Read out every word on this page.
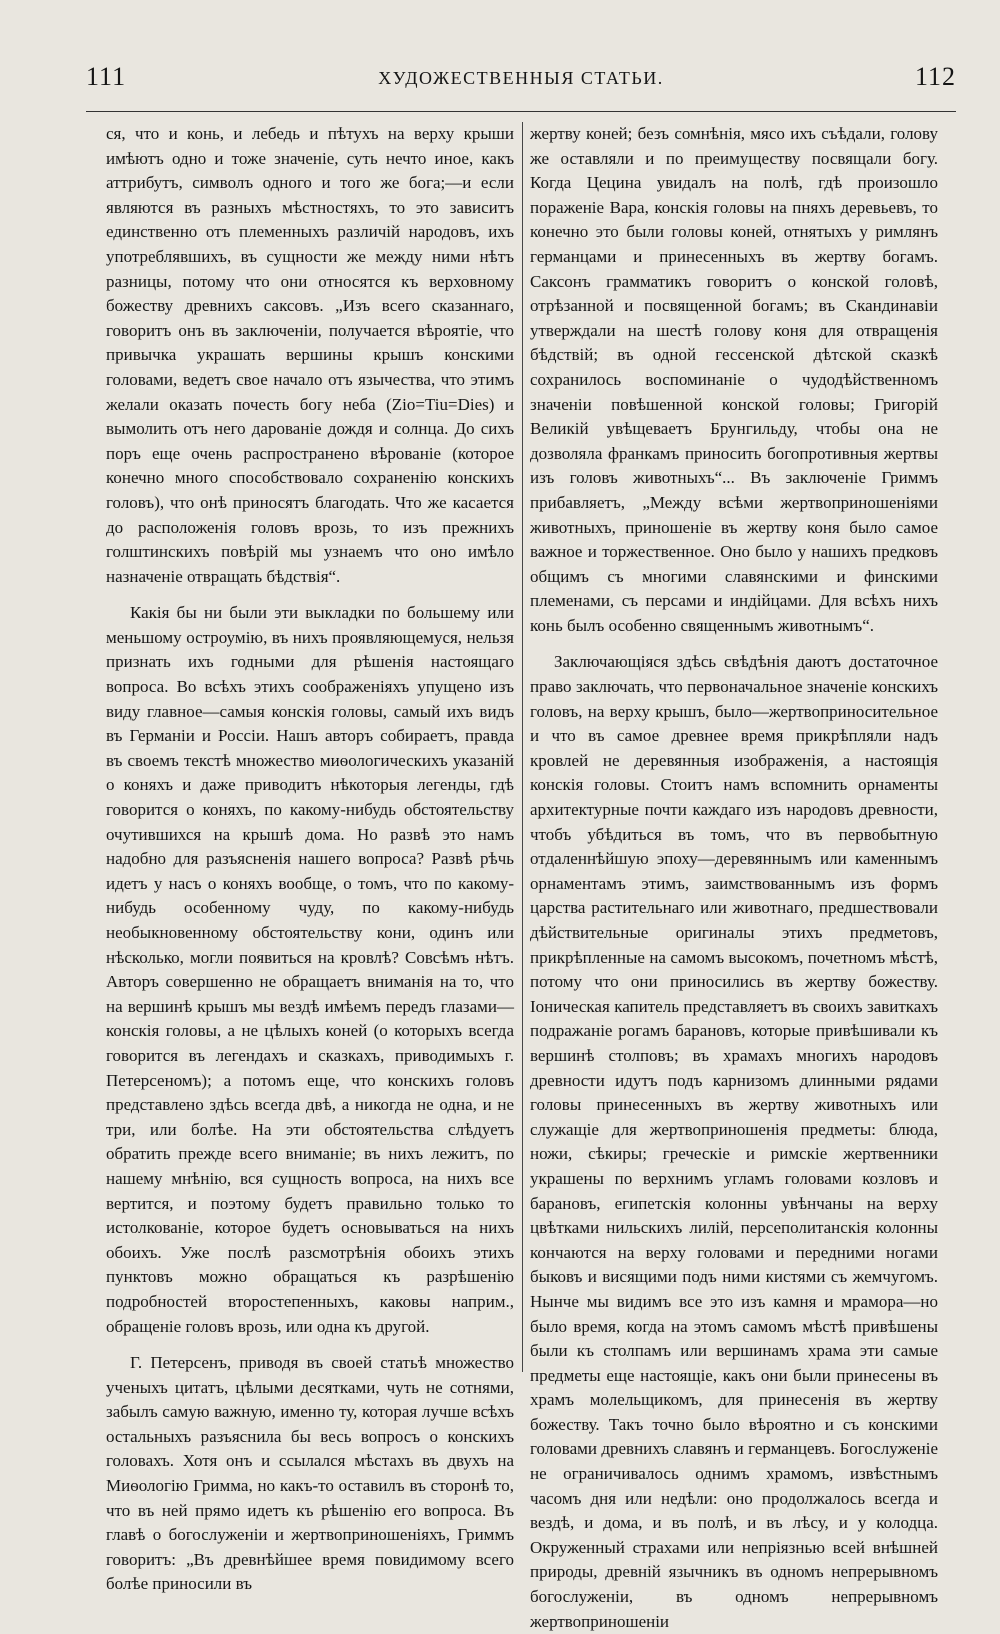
111	ХУДОЖЕСТВЕННЫЯ СТАТЬИ.	112

ся, что и конь, и лебедь и пѣтухъ на верху крыши имѣютъ одно и тоже значеніе, суть нечто иное, какъ аттрибутъ, символъ одного и того же бога;—и если являются въ разныхъ мѣстностяхъ, то это зависитъ единственно отъ племенныхъ различій народовъ, ихъ употреблявшихъ, въ сущности же между ними нѣтъ разницы, потому что они относятся къ верховному божеству древнихъ саксовъ. „Изъ всего сказаннаго, говоритъ онъ въ заключеніи, получается вѣроятіе, что привычка украшать вершины крышъ конскими головами, ведетъ свое начало отъ язычества, что этимъ желали оказать почесть богу неба (Zio=Tiu=Dies) и вымолить отъ него дарованіе дождя и солнца. До сихъ поръ еще очень распространено вѣрованіе (которое конечно много способствовало сохраненію конскихъ головъ), что онѣ приносятъ благодать. Что же касается до расположенія головъ врозь, то изъ прежнихъ голштинскихъ повѣрій мы узнаемъ что оно имѣло назначеніе отвращать бѣдствія“.

Какія бы ни были эти выкладки по большему или меньшому остроумію, въ нихъ проявляющемуся, нельзя признать ихъ годными для рѣшенія настоящаго вопроса. Во всѣхъ этихъ соображеніяхъ упущено изъ виду главное—самыя конскія головы, самый ихъ видъ въ Германіи и Россіи. Нашъ авторъ собираетъ, правда въ своемъ текстѣ множество миѳологическихъ указаній о коняхъ и даже приводитъ нѣкоторыя легенды, гдѣ говорится о коняхъ, по какому-нибудь обстоятельству очутившихся на крышѣ дома. Но развѣ это намъ надобно для разъясненія нашего вопроса? Развѣ рѣчь идетъ у насъ о коняхъ вообще, о томъ, что по какому-нибудь особенному чуду, по какому-нибудь необыкновенному обстоятельству кони, одинъ или нѣсколько, могли появиться на кровлѣ? Совсѣмъ нѣтъ. Авторъ совершенно не обращаетъ вниманія на то, что на вершинѣ крышъ мы вездѣ имѣемъ передъ глазами—конскія головы, а не цѣлыхъ коней (о которыхъ всегда говорится въ легендахъ и сказкахъ, приводимыхъ г. Петерсеномъ); а потомъ еще, что конскихъ головъ представлено здѣсь всегда двѣ, а никогда не одна, и не три, или болѣе. На эти обстоятельства слѣдуетъ обратить прежде всего вниманіе; въ нихъ лежитъ, по нашему мнѣнію, вся сущность вопроса, на нихъ все вертится, и поэтому будетъ правильно только то истолкованіе, которое будетъ основываться на нихъ обоихъ. Уже послѣ разсмотрѣнія обоихъ этихъ пунктовъ можно обращаться къ разрѣшенію подробностей второстепенныхъ, каковы наприм., обращеніе головъ врозь, или одна къ другой.

Г. Петерсенъ, приводя въ своей статьѣ множество ученыхъ цитатъ, цѣлыми десятками, чуть не сотнями, забылъ самую важную, именно ту, которая лучше всѣхъ остальныхъ разъяснила бы весь вопросъ о конскихъ головахъ. Хотя онъ и ссылался мѣстахъ въ двухъ на Миѳологію Гримма, но какъ-то оставилъ въ сторонѣ то, что въ ней прямо идетъ къ рѣшенію его вопроса. Въ главѣ о богослуженіи и жертвоприношеніяхъ, Гриммъ говоритъ: „Въ древнѣйшее время повидимому всего болѣе приносили въ

жертву коней; безъ сомнѣнія, мясо ихъ съѣдали, голову же оставляли и по преимуществу посвящали богу. Когда Цецина увидалъ на полѣ, гдѣ произошло пораженіе Вара, конскія головы на пняхъ деревьевъ, то конечно это были головы коней, отнятыхъ у римлянъ германцами и принесенныхъ въ жертву богамъ. Саксонъ грамматикъ говоритъ о конской головѣ, отрѣзанной и посвященной богамъ; въ Скандинавіи утверждали на шестѣ голову коня для отвращенія бѣдствій; въ одной гессенской дѣтской сказкѣ сохранилось воспоминаніе о чудодѣйственномъ значеніи повѣшенной конской головы; Григорій Великій увѣщеваетъ Брунгильду, чтобы она не дозволяла франкамъ приносить богопротивныя жертвы изъ головъ животныхъ“... Въ заключеніе Гриммъ прибавляетъ, „Между всѣми жертвоприношеніями животныхъ, приношеніе въ жертву коня было самое важное и торжественное. Оно было у нашихъ предковъ общимъ съ многими славянскими и финскими племенами, съ персами и индійцами. Для всѣхъ нихъ конь былъ особенно священнымъ животнымъ“.

Заключающіяся здѣсь свѣдѣнія даютъ достаточное право заключать, что первоначальное значеніе конскихъ головъ, на верху крышъ, было—жертвоприносительное и что въ самое древнее время прикрѣпляли надъ кровлей не деревянныя изображенія, а настоящія конскія головы. Стоитъ намъ вспомнить орнаменты архитектурные почти каждаго изъ народовъ древности, чтобъ убѣдиться въ томъ, что въ первобытную отдаленнѣйшую эпоху—деревяннымъ или каменнымъ орнаментамъ этимъ, заимствованнымъ изъ формъ царства растительнаго или животнаго, предшествовали дѣйствительные оригиналы этихъ предметовъ, прикрѣпленные на самомъ высокомъ, почетномъ мѣстѣ, потому что они приносились въ жертву божеству. Іоническая капитель представляетъ въ своихъ завиткахъ подражаніе рогамъ барановъ, которые привѣшивали къ вершинѣ столповъ; въ храмахъ многихъ народовъ древности идутъ подъ карнизомъ длинными рядами головы принесенныхъ въ жертву животныхъ или служащіе для жертвоприношенія предметы: блюда, ножи, сѣкиры; греческіе и римскіе жертвенники украшены по верхнимъ угламъ головами козловъ и барановъ, египетскія колонны увѣнчаны на верху цвѣтками нильскихъ лилій, персеполитанскія колонны кончаются на верху головами и передними ногами быковъ и висящими подъ ними кистями съ жемчугомъ. Нынче мы видимъ все это изъ камня и мрамора—но было время, когда на этомъ самомъ мѣстѣ привѣшены были къ столпамъ или вершинамъ храма эти самые предметы еще настоящіе, какъ они были принесены въ храмъ молельщикомъ, для принесенія въ жертву божеству. Такъ точно было вѣроятно и съ конскими головами древнихъ славянъ и германцевъ. Богослуженіе не ограничивалось однимъ храмомъ, извѣстнымъ часомъ дня или недѣли: оно продолжалось всегда и вездѣ, и дома, и въ полѣ, и въ лѣсу, и у колодца. Окруженный страхами или непріязнью всей внѣшней природы, древній язычникъ въ одномъ непрерывномъ богослуженіи, въ одномъ непрерывномъ жертвоприношеніи
